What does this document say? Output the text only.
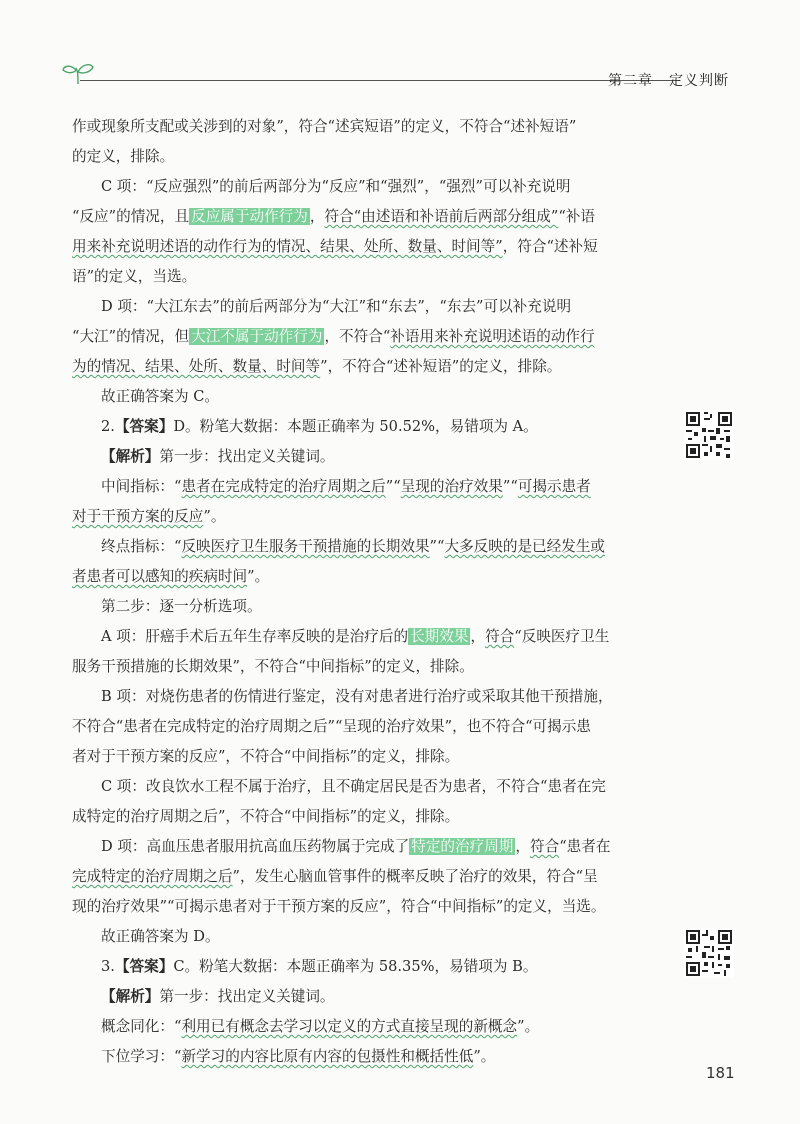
第二章 定义判断

作或现象所支配或关涉到的对象”，符合“述宾短语”的定义，不符合“述补短语”

的定义，排除。

C 项：“反应强烈”的前后两部分为“反应”和“强烈”，“强烈”可以补充说明

“反应”的情况，且 反应属于动作行为 ，符合“由述语和补语前后两部分组成”“补语

用来补充说明述语的动作行为的情况、结果、处所、数量、时间等”，符合“述补短

语”的定义，当选。

D 项：“大江东去”的前后两部分为“大江”和“东去”，“东去”可以补充说明

“大江”的情况，但 大江不属于动作行为 ，不符合“补语用来补充说明述语的动作行

为的情况、结果、处所、数量、时间等”，不符合“述补短语”的定义，排除。

故正确答案为 C。

2.【答案】D。粉笔大数据：本题正确率为 50.52%，易错项为 A。

【解析】第一步：找出定义关键词。

中间指标：“患者在完成特定的治疗周期之后”“呈现的治疗效果”“可揭示患者

对于干预方案的反应”。

终点指标：“反映医疗卫生服务干预措施的长期效果”“大多反映的是已经发生或

者患者可以感知的疾病时间”。

第二步：逐一分析选项。

A 项：肝癌手术后五年生存率反映的是治疗后的 长期效果 ，符合“反映医疗卫生

服务干预措施的长期效果”，不符合“中间指标”的定义，排除。

B 项：对烧伤患者的伤情进行鉴定，没有对患者进行治疗或采取其他干预措施，

不符合“患者在完成特定的治疗周期之后”“呈现的治疗效果”，也不符合“可揭示患

者对于干预方案的反应”，不符合“中间指标”的定义，排除。

C 项：改良饮水工程不属于治疗，且不确定居民是否为患者，不符合“患者在完

成特定的治疗周期之后”，不符合“中间指标”的定义，排除。

D 项：高血压患者服用抗高血压药物属于完成了 特定的治疗周期 ，符合“患者在

完成特定的治疗周期之后”，发生心脑血管事件的概率反映了治疗的效果，符合“呈

现的治疗效果”“可揭示患者对于干预方案的反应”，符合“中间指标”的定义，当选。

故正确答案为 D。

3.【答案】C。粉笔大数据：本题正确率为 58.35%，易错项为 B。

【解析】第一步：找出定义关键词。

概念同化：“利用已有概念去学习以定义的方式直接呈现的新概念”。

下位学习：“新学习的内容比原有内容的包摄性和概括性低”。

181
